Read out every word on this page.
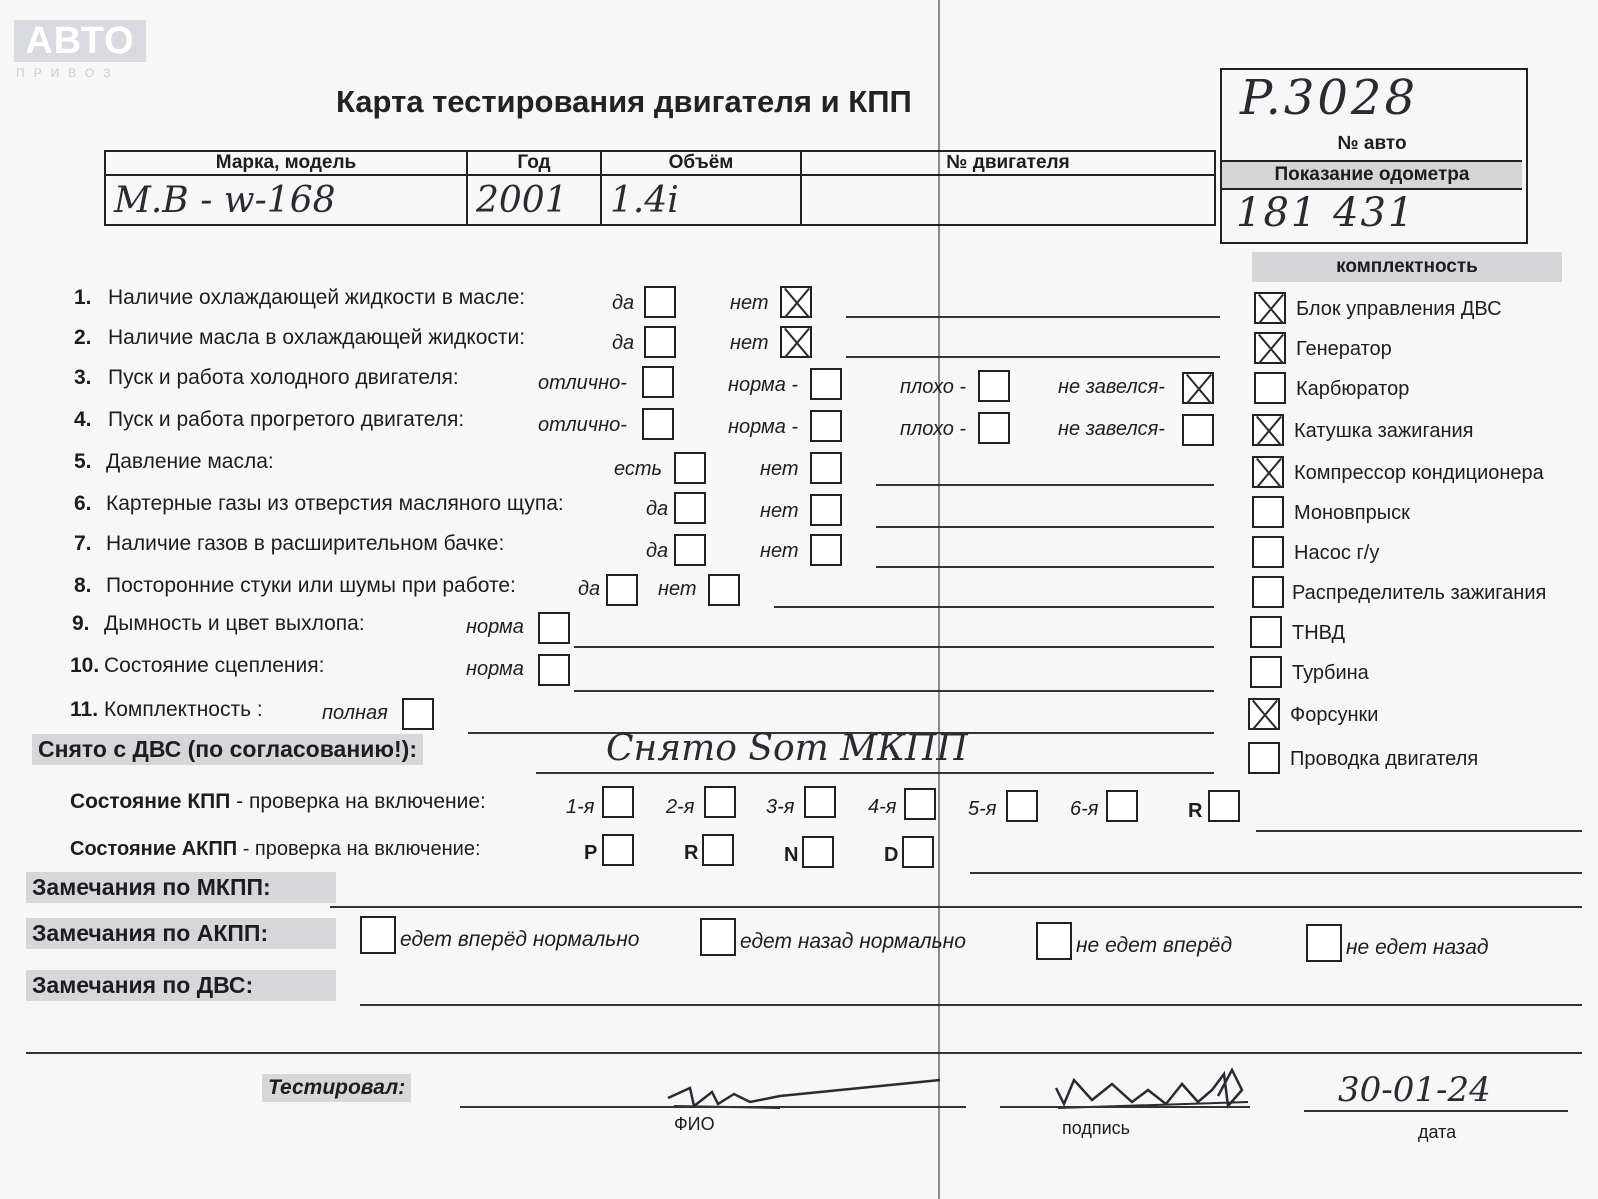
АВТО
ПРИВОЗ
Карта тестирования двигателя и КПП
Марка, модель	Год	Объём	№ двигателя
M.B - w-168	2001	1.4i	
P.3028
№ авто
Показание одометра
181 431
1. Наличие охлаждающей жидкости в масле:	да	нет
2. Наличие масла в охлаждающей жидкости:	да	нет
3. Пуск и работа холодного двигателя:	отлично-	норма -	плохо -	не завелся-
4. Пуск и работа прогретого двигателя:	отлично-	норма -	плохо -	не завелся-
5. Давление масла:	есть	нет
6. Картерные газы из отверстия масляного щупа:	да	нет
7. Наличие газов в расширительном бачке:	да	нет
8. Посторонние стуки или шумы при работе:	да	нет
9. Дымность и цвет выхлопа:	норма
10. Состояние сцепления:	норма
11. Комплектность :	полная
комплектность
Блок управления ДВС
Генератор
Карбюратор
Катушка зажигания
Компрессор кондиционера
Моновпрыск
Насос г/у
Распределитель зажигания
ТНВД
Турбина
Форсунки
Проводка двигателя
Снято с ДВС (по согласованию!):	Снято Sот МКПП
Состояние КПП - проверка на включение:	1-я	2-я	3-я	4-я	5-я	6-я	R
Состояние АКПП - проверка на включение:	P	R	N	D
Замечания по МКПП:
Замечания по АКПП:	едет вперёд нормально	едет назад нормально	не едет вперёд	не едет назад
Замечания по ДВС:
Тестировал:
ФИО	подпись
30-01-24
дата
